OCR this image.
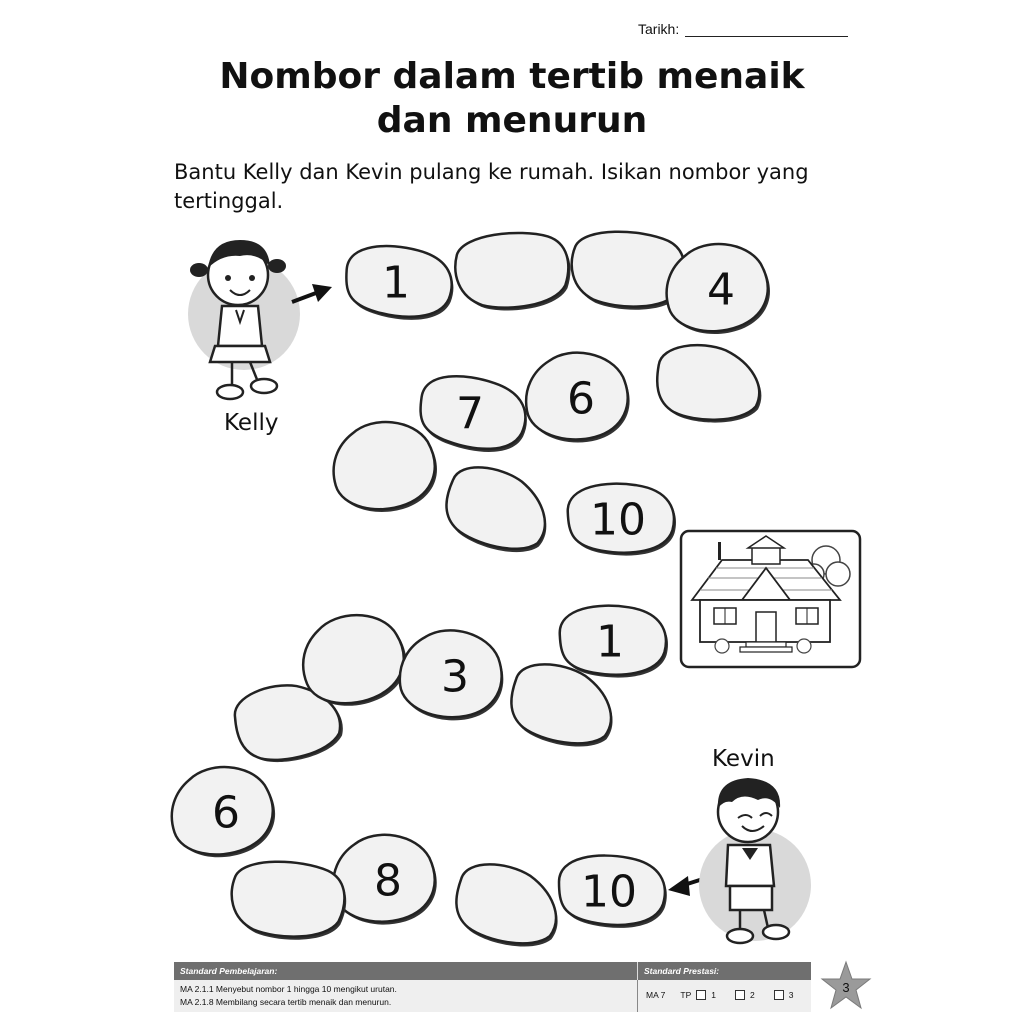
Tarikh:
Nombor dalam tertib menaik
dan menurun
Bantu Kelly dan Kevin pulang ke rumah. Isikan nombor yang
tertinggal.
Kelly
Kevin
1	4
6
7
10
10
8
6
3
1
Standard Pembelajaran:	Standard Prestasi:
MA 2.1.1 Menyebut nombor 1 hingga 10 mengikut urutan.
MA 2.1.8 Membilang secara tertib menaik dan menurun.
MA 7 TP 1	2	3	3
